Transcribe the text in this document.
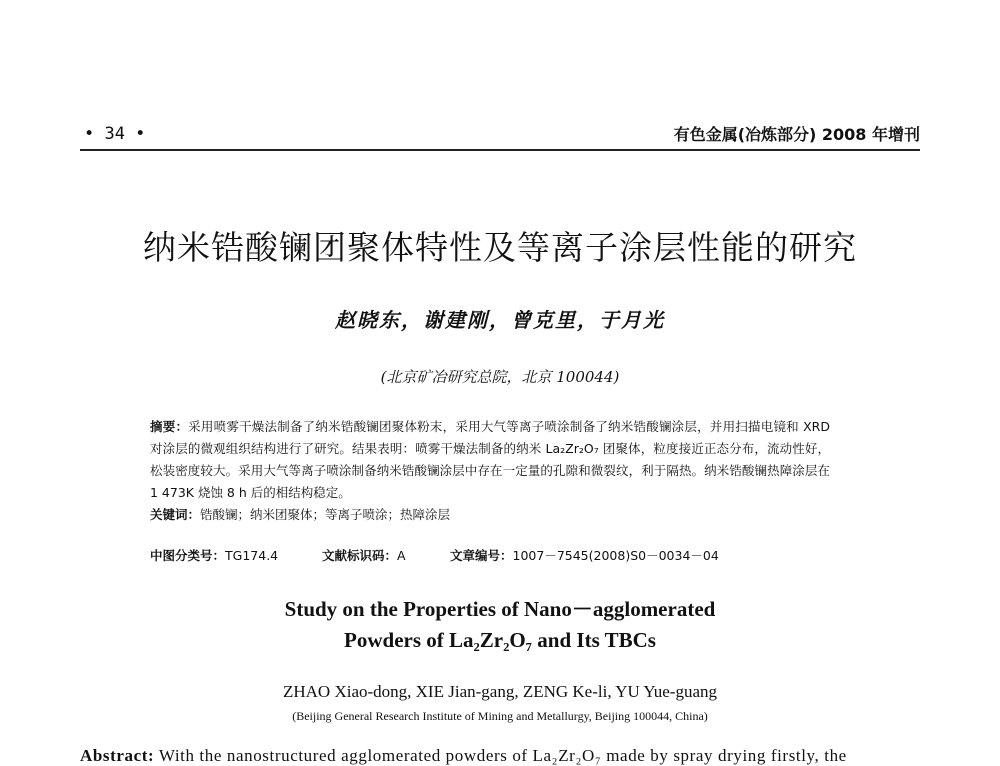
• 34 •	有色金属(冶炼部分) 2008 年增刊
纳米锆酸镧团聚体特性及等离子涂层性能的研究
赵晓东，谢建刚，曾克里，于月光
(北京矿冶研究总院，北京 100044)
摘要：采用喷雾干燥法制备了纳米锆酸镧团聚体粉末，采用大气等离子喷涂制备了纳米锆酸镧涂层，并用扫描电镜和 XRD 对涂层的微观组织结构进行了研究。结果表明：喷雾干燥法制备的纳米 La₂Zr₂O₇ 团聚体，粒度接近正态分布，流动性好，松装密度较大。采用大气等离子喷涂制备纳米锆酸镧涂层中存在一定量的孔隙和微裂纹，利于隔热。纳米锆酸镧热障涂层在 1 473K 烧蚀 8 h 后的相结构稳定。
关键词：锆酸镧；纳米团聚体；等离子喷涂；热障涂层
中图分类号：TG174.4	文献标识码：A	文章编号：1007－7545(2008)S0－0034－04
Study on the Properties of Nano－agglomerated
Powders of La₂Zr₂O₇ and Its TBCs
ZHAO Xiao-dong, XIE Jian-gang, ZENG Ke-li, YU Yue-guang
(Beijing General Research Institute of Mining and Metallurgy, Beijing 100044, China)
Abstract: With the nanostructured agglomerated powders of La₂Zr₂O₇ made by spray drying firstly, the
